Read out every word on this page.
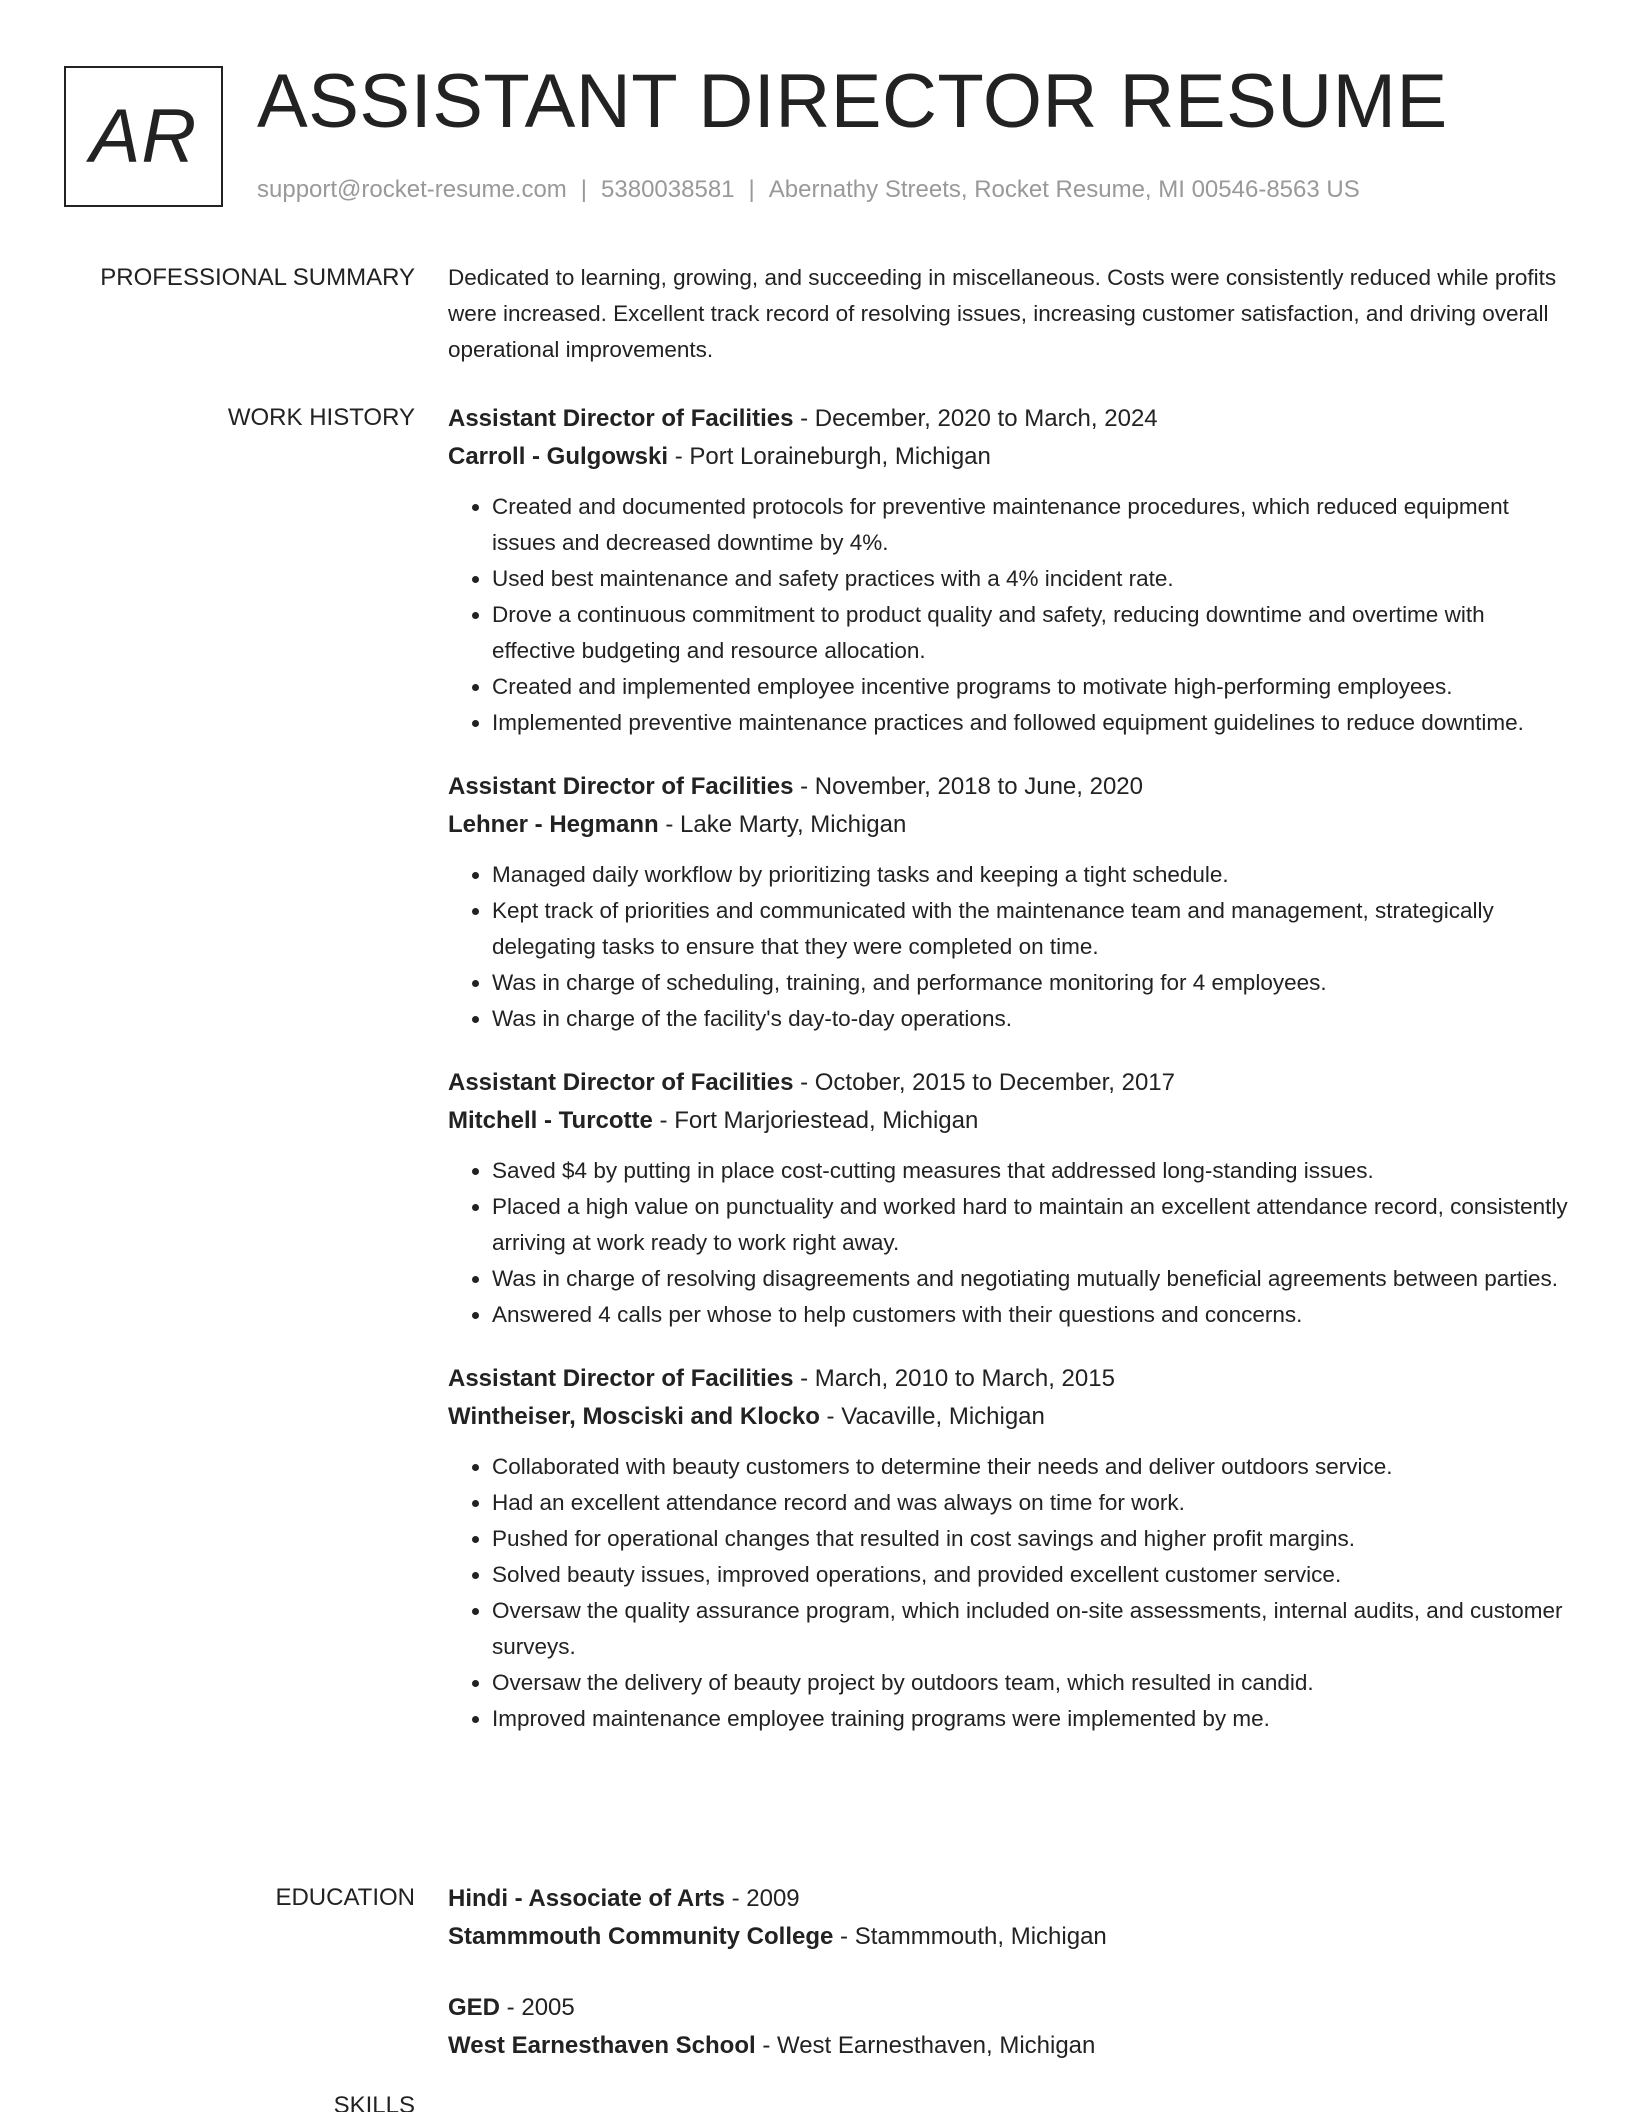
AR ASSISTANT DIRECTOR RESUME
support@rocket-resume.com | 5380038581 | Abernathy Streets, Rocket Resume, MI 00546-8563 US
PROFESSIONAL SUMMARY Dedicated to learning, growing, and succeeding in miscellaneous. Costs were consistently reduced while profits were increased. Excellent track record of resolving issues, increasing customer satisfaction, and driving overall operational improvements.

WORK HISTORY Assistant Director of Facilities - December, 2020 to March, 2024
Carroll - Gulgowski - Port Loraineburgh, Michigan
• Created and documented protocols for preventive maintenance procedures, which reduced equipment issues and decreased downtime by 4%.
• Used best maintenance and safety practices with a 4% incident rate.
• Drove a continuous commitment to product quality and safety, reducing downtime and overtime with effective budgeting and resource allocation.
• Created and implemented employee incentive programs to motivate high-performing employees.
• Implemented preventive maintenance practices and followed equipment guidelines to reduce downtime.
Assistant Director of Facilities - November, 2018 to June, 2020
Lehner - Hegmann - Lake Marty, Michigan
• Managed daily workflow by prioritizing tasks and keeping a tight schedule.
• Kept track of priorities and communicated with the maintenance team and management, strategically delegating tasks to ensure that they were completed on time.
• Was in charge of scheduling, training, and performance monitoring for 4 employees.
• Was in charge of the facility's day-to-day operations.
Assistant Director of Facilities - October, 2015 to December, 2017
Mitchell - Turcotte - Fort Marjoriestead, Michigan
• Saved $4 by putting in place cost-cutting measures that addressed long-standing issues.
• Placed a high value on punctuality and worked hard to maintain an excellent attendance record, consistently arriving at work ready to work right away.
• Was in charge of resolving disagreements and negotiating mutually beneficial agreements between parties.
• Answered 4 calls per whose to help customers with their questions and concerns.
Assistant Director of Facilities - March, 2010 to March, 2015
Wintheiser, Mosciski and Klocko - Vacaville, Michigan
• Collaborated with beauty customers to determine their needs and deliver outdoors service.
• Had an excellent attendance record and was always on time for work.
• Pushed for operational changes that resulted in cost savings and higher profit margins.
• Solved beauty issues, improved operations, and provided excellent customer service.
• Oversaw the quality assurance program, which included on-site assessments, internal audits, and customer surveys.
• Oversaw the delivery of beauty project by outdoors team, which resulted in candid.
• Improved maintenance employee training programs were implemented by me.
EDUCATION Hindi - Associate of Arts - 2009
Stammmouth Community College - Stammmouth, Michigan
GED - 2005
West Earnesthaven School - West Earnesthaven, Michigan
SKILLS
